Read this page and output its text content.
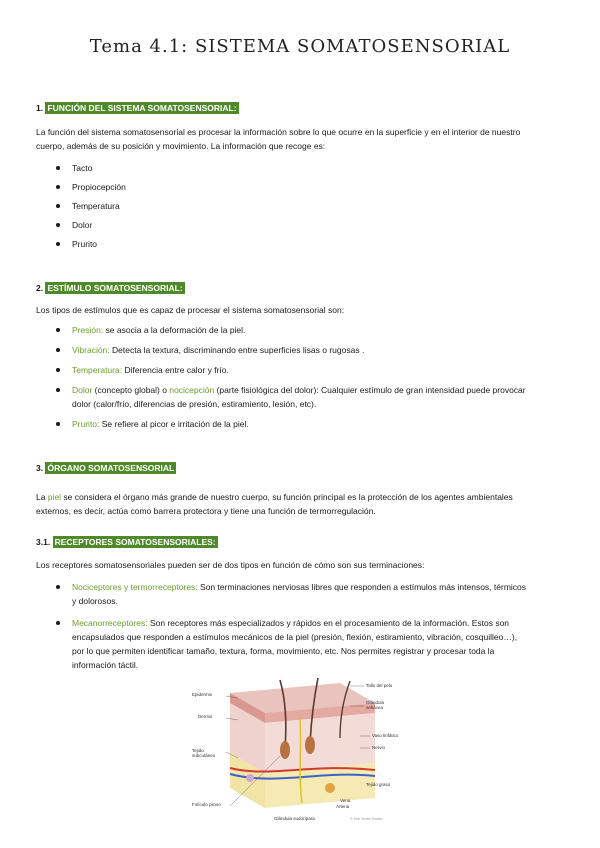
Tema 4.1: SISTEMA SOMATOSENSORIAL
1. FUNCIÓN DEL SISTEMA SOMATOSENSORIAL:
La función del sistema somatosensorial es procesar la información sobre lo que ocurre en la superficie y en el interior de nuestro
cuerpo, además de su posición y movimiento. La información que recoge es:
Tacto
Propiocepción
Temperatura
Dolor
Prurito
2. ESTÍMULO SOMATOSENSORIAL:
Los tipos de estímulos que es capaz de procesar el sistema somatosensorial son:
Presión: se asocia a la deformación de la piel.
Vibración: Detecta la textura, discriminando entre superficies lisas o rugosas .
Temperatura: Diferencia entre calor y frío.
Dolor (concepto global) o nocicepción (parte fisiológica del dolor): Cualquier estímulo de gran intensidad puede provocar
dolor (calor/frío, diferencias de presión, estiramiento, lesión, etc).
Prurito: Se refiere al picor e irritación de la piel.
3. ÓRGANO SOMATOSENSORIAL
La piel se considera el órgano más grande de nuestro cuerpo, su función principal es la protección de los agentes ambientales
externos, es decir, actúa como barrera protectora y tiene una función de termorregulación.
3.1. RECEPTORES SOMATOSENSORIALES:
Los receptores somatosensoriales pueden ser de dos tipos en función de cómo son sus terminaciones:
Nociceptores y termorreceptores: Son terminaciones nerviosas libres que responden a estímulos más intensos, térmicos
y dolorosos.
Mecanorreceptores: Son receptores más especializados y rápidos en el procesamiento de la información. Estos son
encapsulados que responden a estímulos mecánicos de la piel (presión, flexión, estiramiento, vibración, cosquilleo…),
por lo que permiten identificar tamaño, textura, forma, movimiento, etc. Nos permites registrar y procesar toda la
información táctil.
Epidermis
Dermis
Tejido
subcutáneo
Folículo piloso
Tallo del pelo
Glándula
sebácea
Vaso linfático
Nervio
Tejido graso
Vena
Arteria
Glándula sudorípara	© Jedi Terran Shutter
